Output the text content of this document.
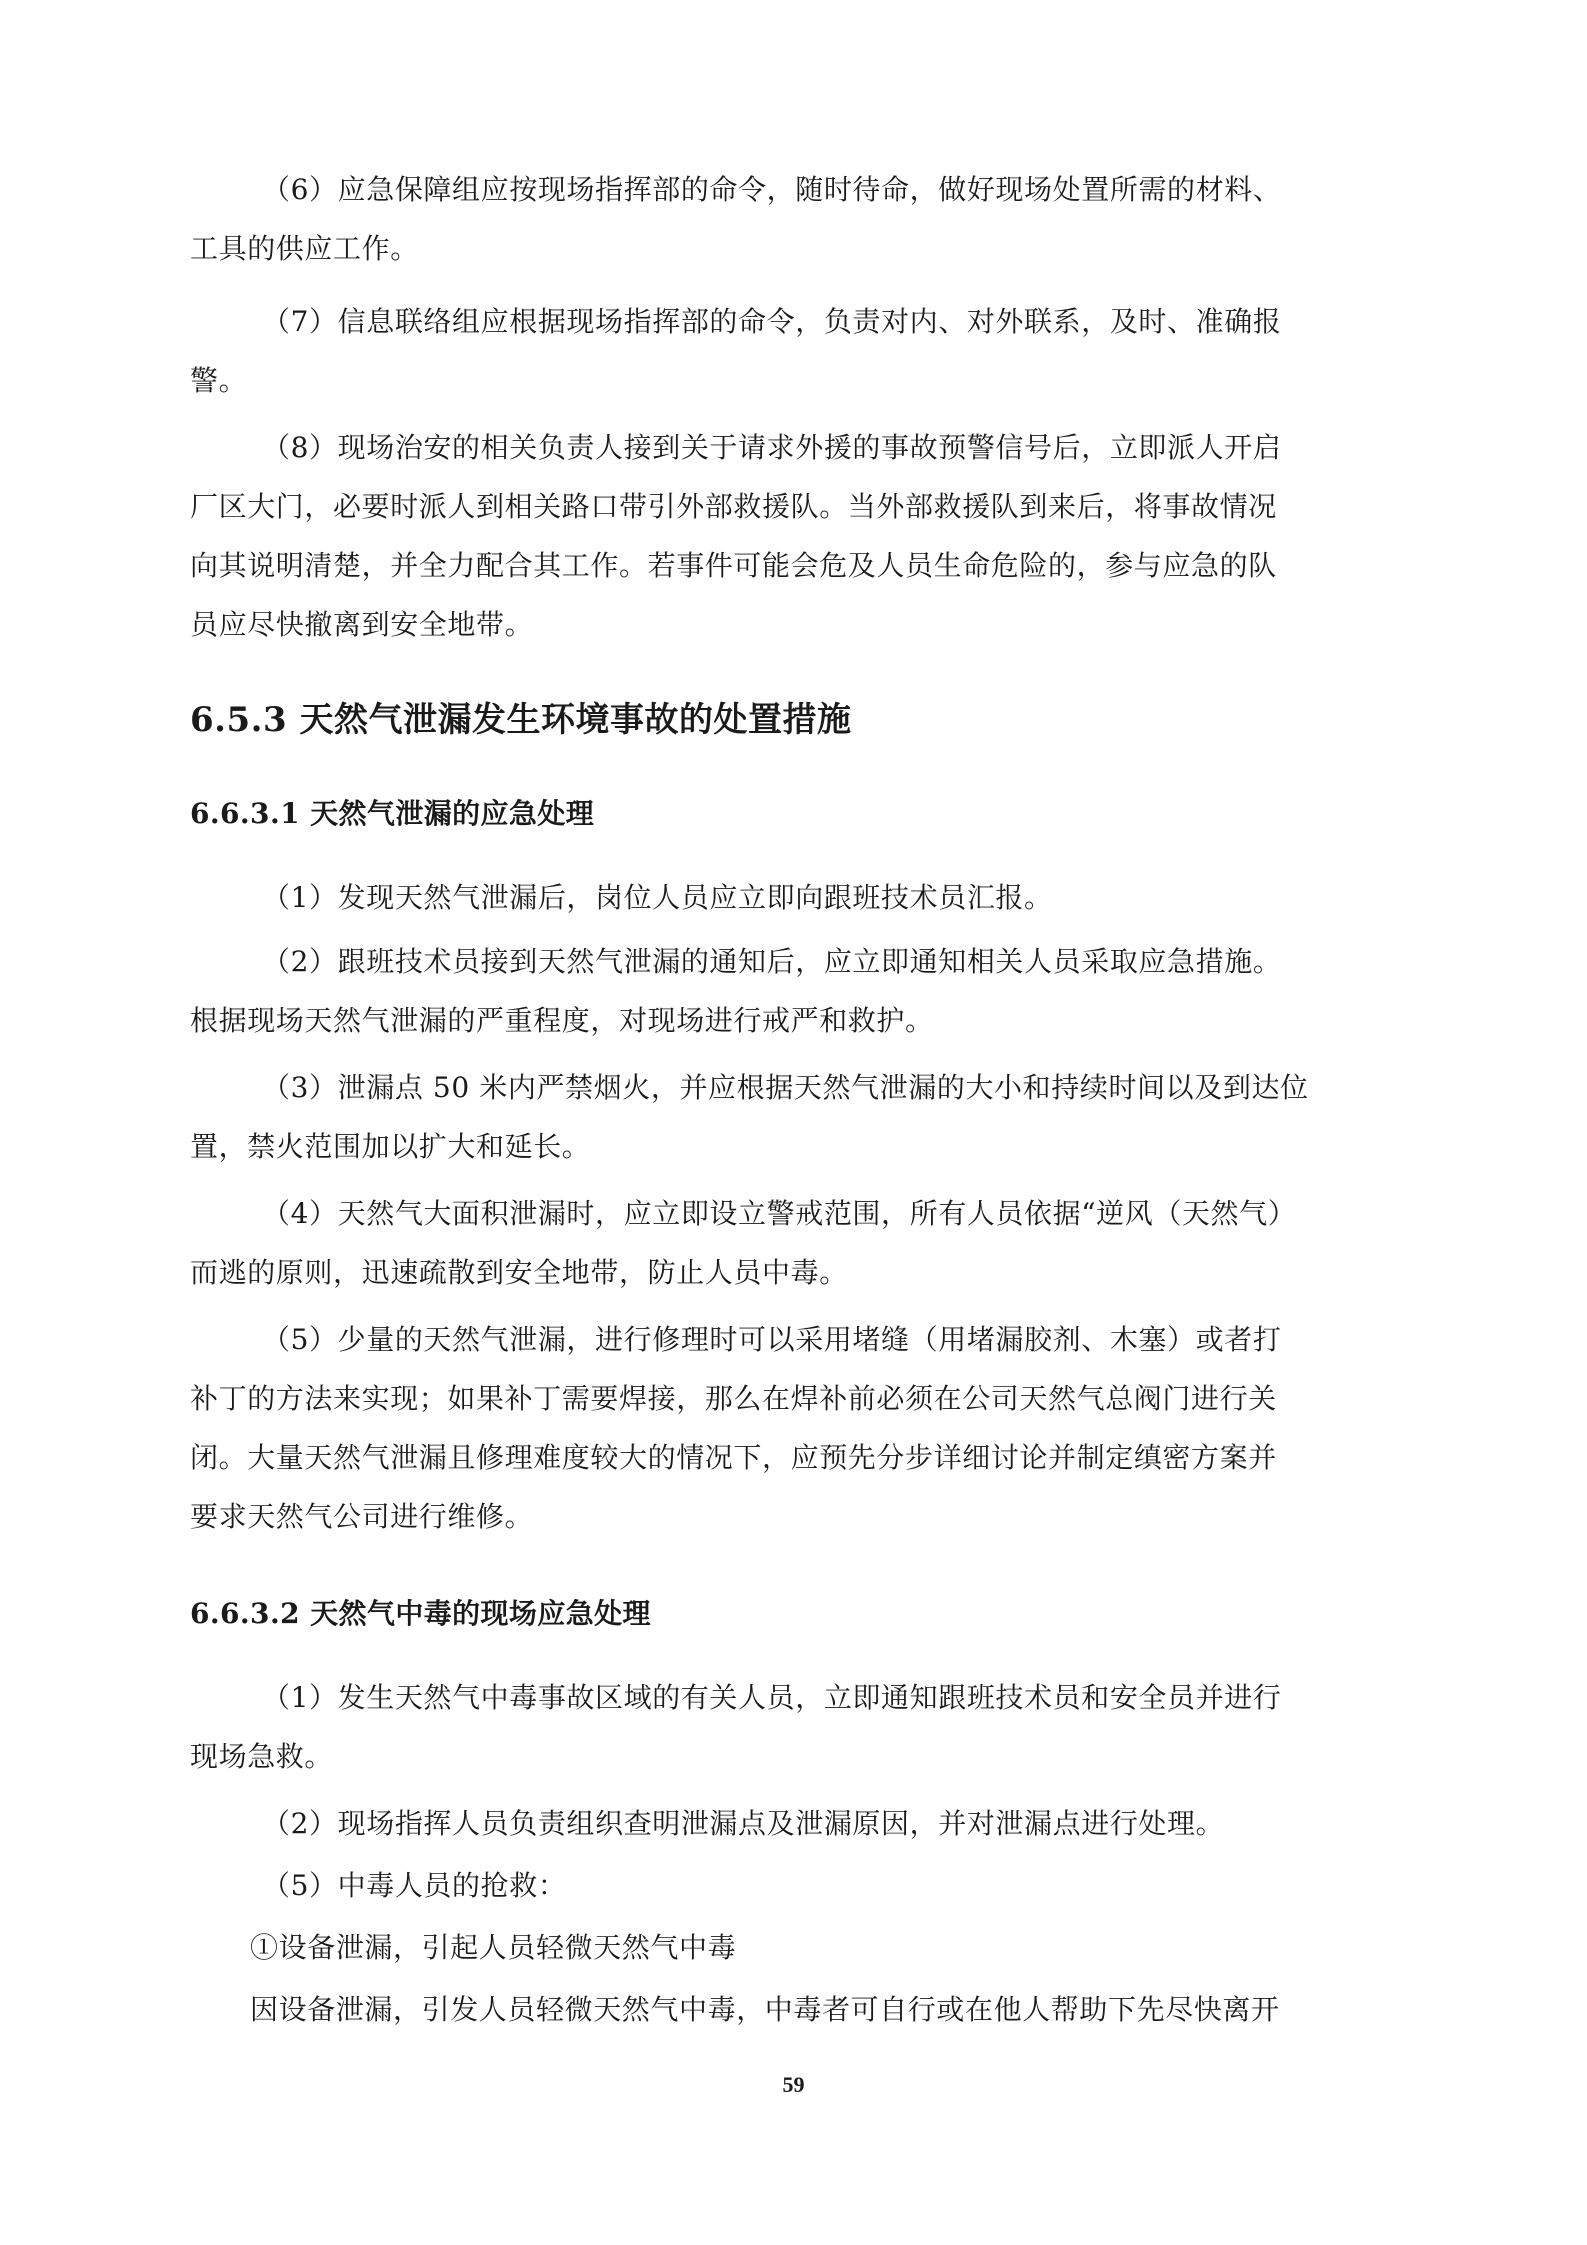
（6）应急保障组应按现场指挥部的命令，随时待命，做好现场处置所需的材料、
工具的供应工作。
（7）信息联络组应根据现场指挥部的命令，负责对内、对外联系，及时、准确报
警。
（8）现场治安的相关负责人接到关于请求外援的事故预警信号后，立即派人开启
厂区大门，必要时派人到相关路口带引外部救援队。当外部救援队到来后，将事故情况
向其说明清楚，并全力配合其工作。若事件可能会危及人员生命危险的，参与应急的队
员应尽快撤离到安全地带。
6.5.3 天然气泄漏发生环境事故的处置措施
6.6.3.1 天然气泄漏的应急处理
（1）发现天然气泄漏后，岗位人员应立即向跟班技术员汇报。
（2）跟班技术员接到天然气泄漏的通知后，应立即通知相关人员采取应急措施。
根据现场天然气泄漏的严重程度，对现场进行戒严和救护。
（3）泄漏点 50 米内严禁烟火，并应根据天然气泄漏的大小和持续时间以及到达位
置，禁火范围加以扩大和延长。
（4）天然气大面积泄漏时，应立即设立警戒范围，所有人员依据“逆风（天然气）
而逃的原则，迅速疏散到安全地带，防止人员中毒。
（5）少量的天然气泄漏，进行修理时可以采用堵缝（用堵漏胶剂、木塞）或者打
补丁的方法来实现；如果补丁需要焊接，那么在焊补前必须在公司天然气总阀门进行关
闭。大量天然气泄漏且修理难度较大的情况下，应预先分步详细讨论并制定缜密方案并
要求天然气公司进行维修。
6.6.3.2 天然气中毒的现场应急处理
（1）发生天然气中毒事故区域的有关人员，立即通知跟班技术员和安全员并进行
现场急救。
（2）现场指挥人员负责组织查明泄漏点及泄漏原因，并对泄漏点进行处理。
（5）中毒人员的抢救：
①设备泄漏，引起人员轻微天然气中毒
因设备泄漏，引发人员轻微天然气中毒，中毒者可自行或在他人帮助下先尽快离开
59
